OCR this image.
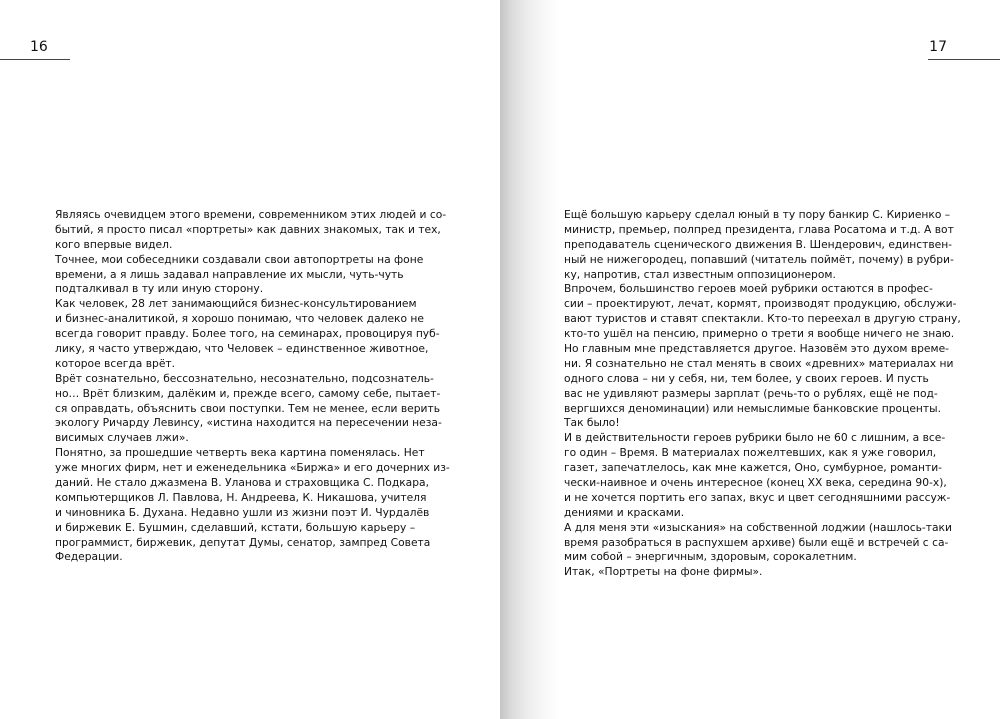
16
Являясь очевидцем этого времени, современником этих людей и со-
бытий, я просто писал «портреты» как давних знакомых, так и тех,
кого впервые видел.
Точнее, мои собеседники создавали свои автопортреты на фоне
времени, а я лишь задавал направление их мысли, чуть-чуть
подталкивал в ту или иную сторону.
Как человек, 28 лет занимающийся бизнес-консультированием
и бизнес-аналитикой, я хорошо понимаю, что человек далеко не
всегда говорит правду. Более того, на семинарах, провоцируя пуб-
лику, я часто утверждаю, что Человек – единственное животное,
которое всегда врёт.
Врёт сознательно, бессознательно, несознательно, подсознатель-
но… Врёт близким, далёким и, прежде всего, самому себе, пытает-
ся оправдать, объяснить свои поступки. Тем не менее, если верить
экологу Ричарду Левинсу, «истина находится на пересечении неза-
висимых случаев лжи».
Понятно, за прошедшие четверть века картина поменялась. Нет
уже многих фирм, нет и еженедельника «Биржа» и его дочерних из-
даний. Не стало джазмена В. Уланова и страховщика С. Подкара,
компьютерщиков Л. Павлова, Н. Андреева, К. Никашова, учителя
и чиновника Б. Духана. Недавно ушли из жизни поэт И. Чурдалёв
и биржевик Е. Бушмин, сделавший, кстати, большую карьеру –
программист, биржевик, депутат Думы, сенатор, зампред Совета
Федерации.
17
Ещё большую карьеру сделал юный в ту пору банкир С. Кириенко –
министр, премьер, полпред президента, глава Росатома и т.д. А вот
преподаватель сценического движения В. Шендерович, единствен-
ный не нижегородец, попавший (читатель поймёт, почему) в рубри-
ку, напротив, стал известным оппозиционером.
Впрочем, большинство героев моей рубрики остаются в профес-
сии – проектируют, лечат, кормят, производят продукцию, обслужи-
вают туристов и ставят спектакли. Кто-то переехал в другую страну,
кто-то ушёл на пенсию, примерно о трети я вообще ничего не знаю.
Но главным мне представляется другое. Назовём это духом време-
ни. Я сознательно не стал менять в своих «древних» материалах ни
одного слова – ни у себя, ни, тем более, у своих героев. И пусть
вас не удивляют размеры зарплат (речь-то о рублях, ещё не под-
вергшихся деноминации) или немыслимые банковские проценты.
Так было!
И в действительности героев рубрики было не 60 с лишним, а все-
го один – Время. В материалах пожелтевших, как я уже говорил,
газет, запечатлелось, как мне кажется, Оно, сумбурное, романти-
чески-наивное и очень интересное (конец XX века, середина 90-х),
и не хочется портить его запах, вкус и цвет сегодняшними рассуж-
дениями и красками.
А для меня эти «изыскания» на собственной лоджии (нашлось-таки
время разобраться в распухшем архиве) были ещё и встречей с са-
мим собой – энергичным, здоровым, сорокалетним.
Итак, «Портреты на фоне фирмы».
